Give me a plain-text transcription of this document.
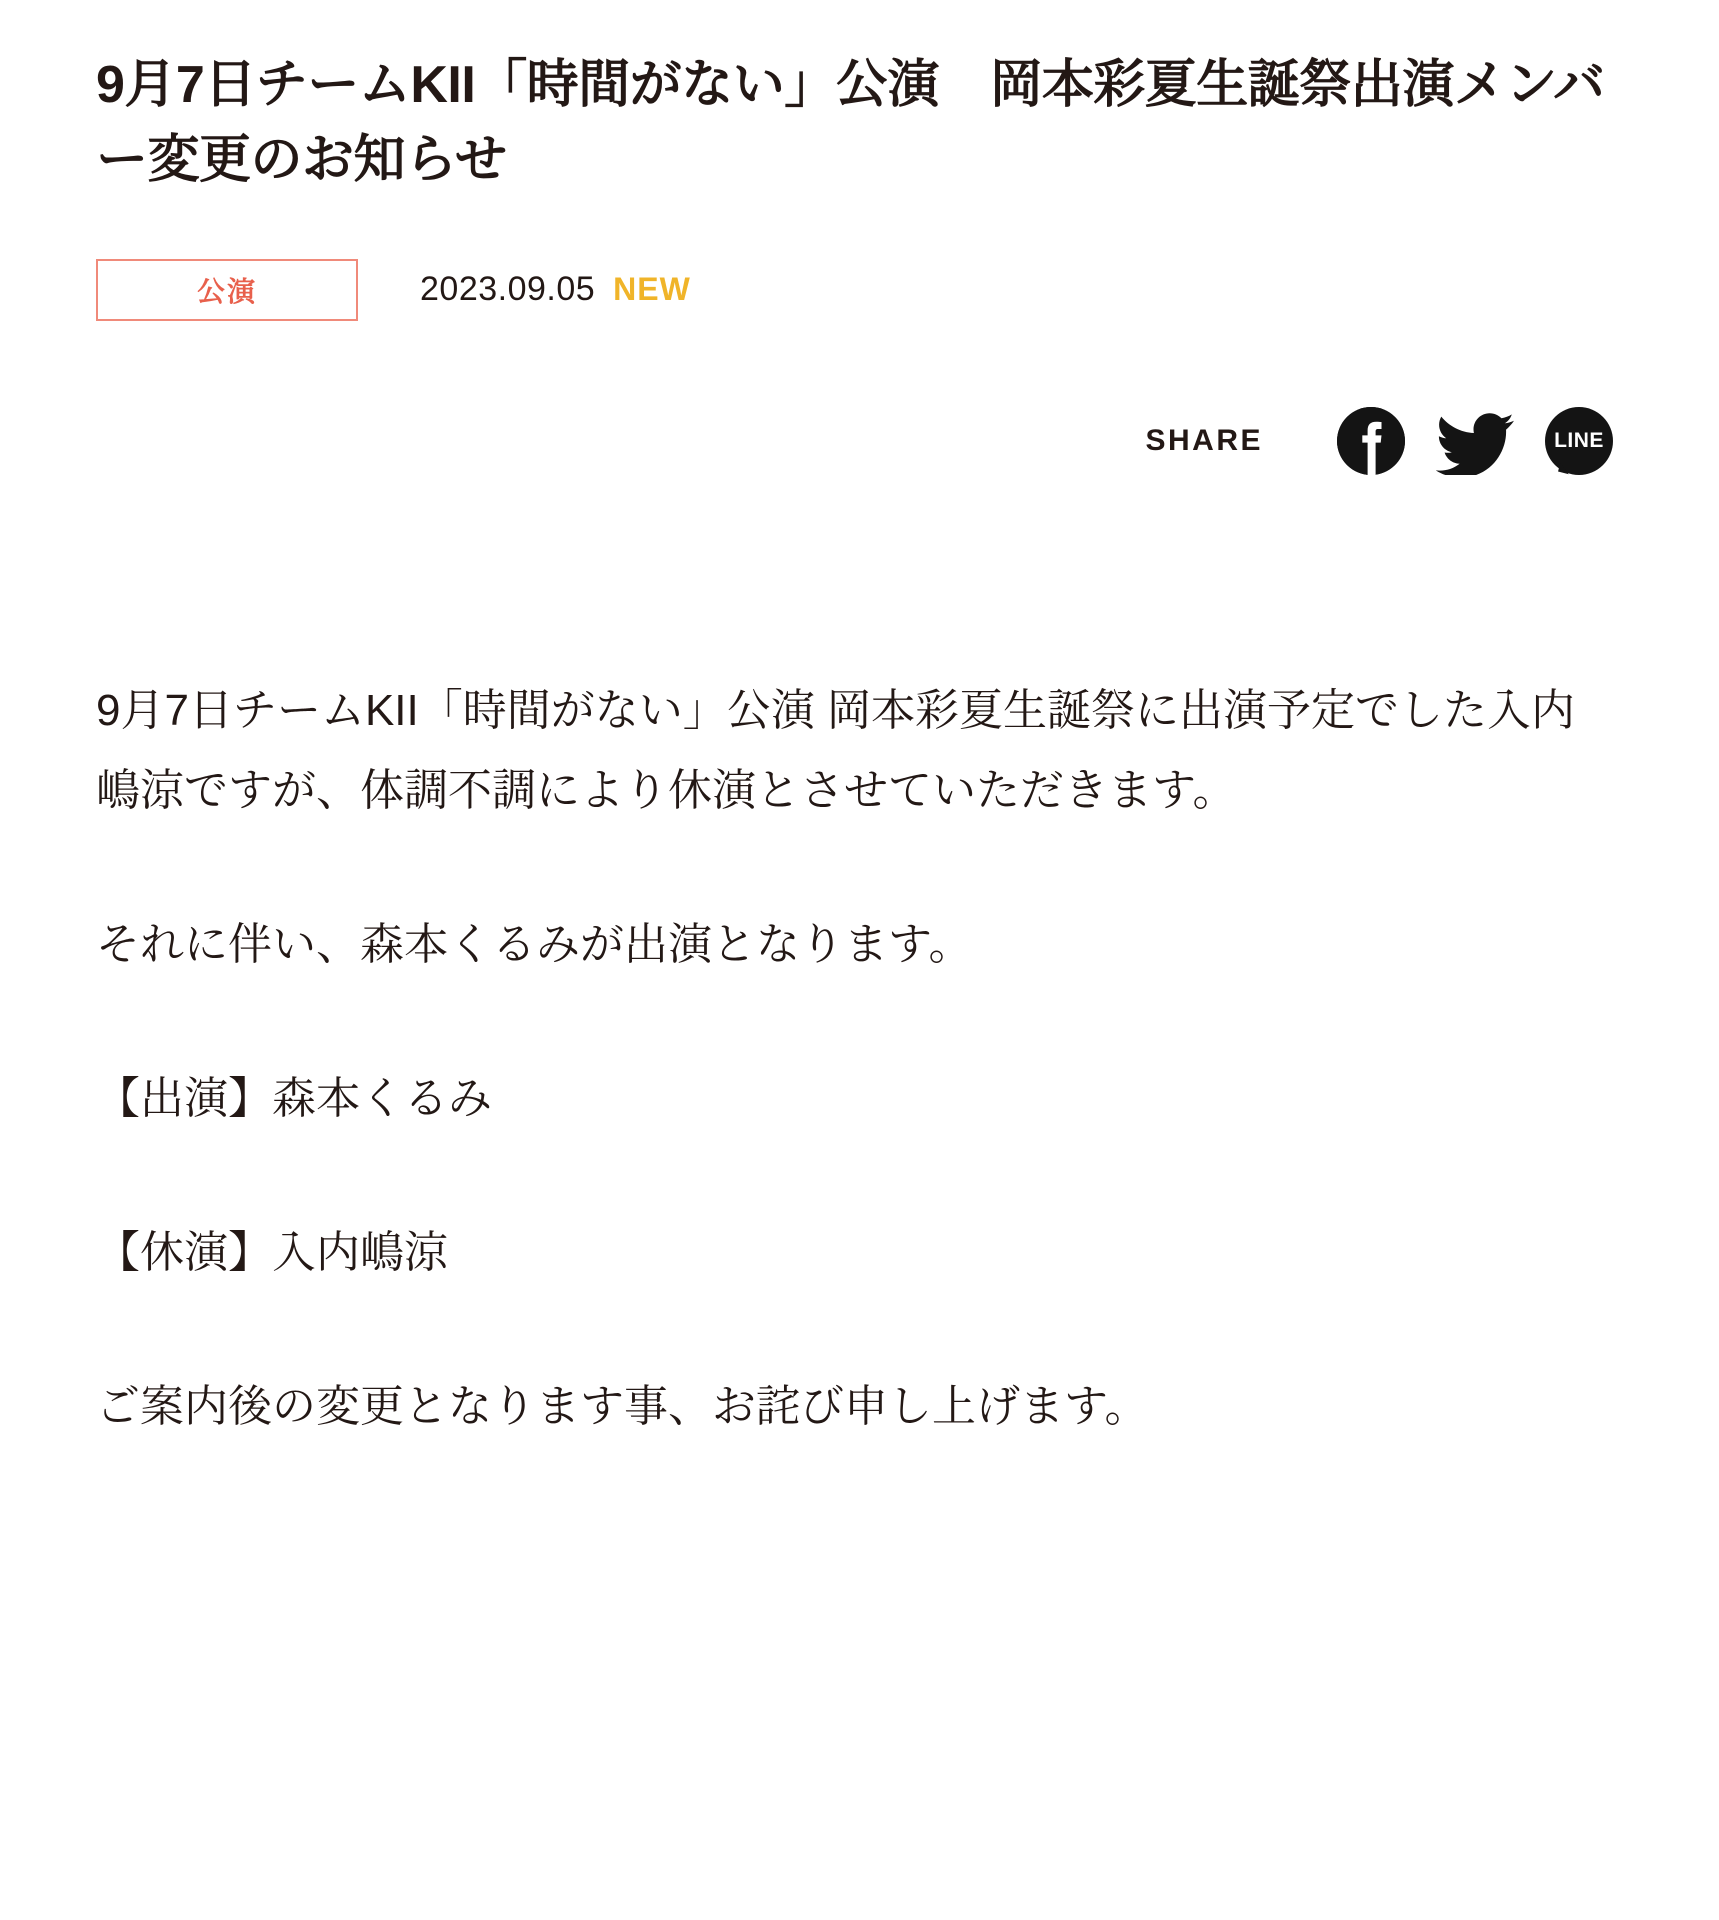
9月7日チームKII「時間がない」公演　岡本彩夏生誕祭出演メンバー変更のお知らせ
公演	2023.09.05 NEW
SHARE	LINE

9月7日チームKII「時間がない」公演 岡本彩夏生誕祭に出演予定でした入内嶋涼ですが、体調不調により休演とさせていただきます。

それに伴い、森本くるみが出演となります。

【出演】森本くるみ

【休演】入内嶋涼

ご案内後の変更となります事、お詫び申し上げます。
